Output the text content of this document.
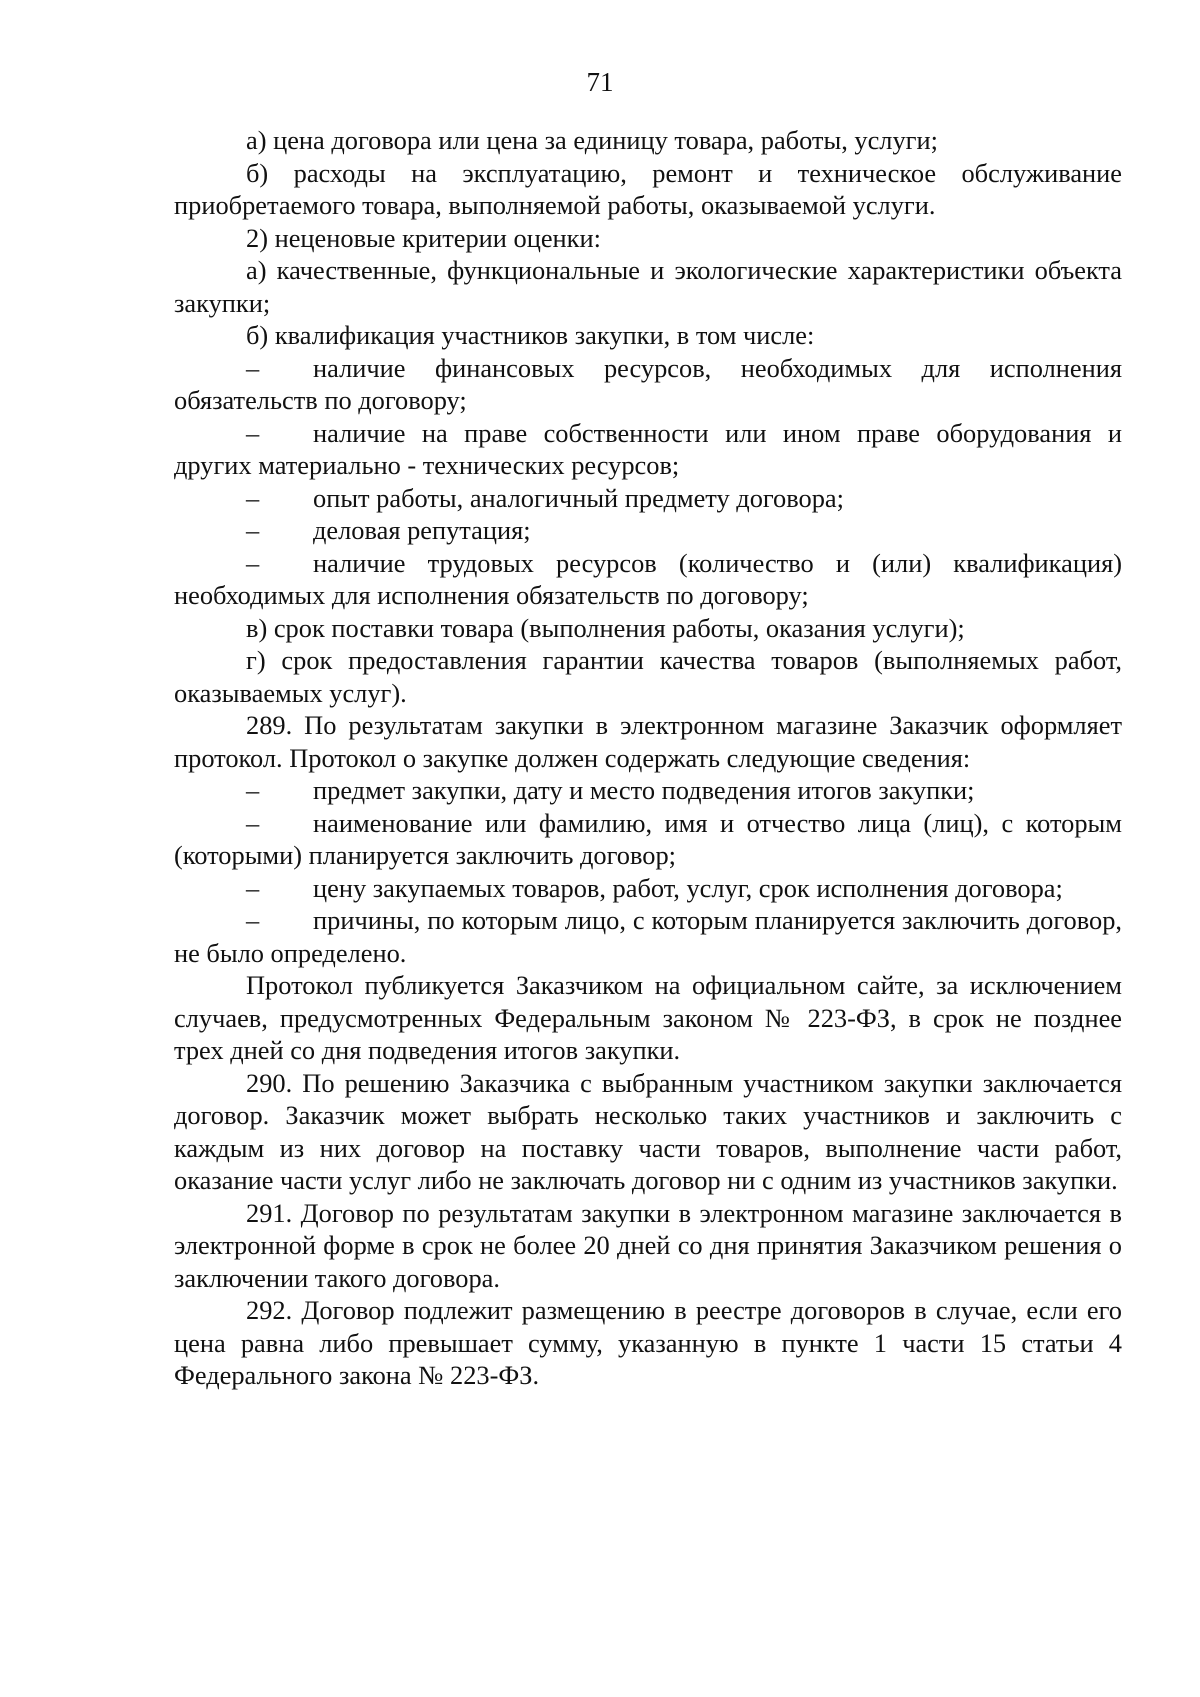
71

а) цена договора или цена за единицу товара, работы, услуги;

б) расходы на эксплуатацию, ремонт и техническое обслуживание приобретаемого товара, выполняемой работы, оказываемой услуги.

2) неценовые критерии оценки:

а) качественные, функциональные и экологические характеристики объекта закупки;

б) квалификация участников закупки, в том числе:

– наличие финансовых ресурсов, необходимых для исполнения обязательств по договору;

– наличие на праве собственности или ином праве оборудования и других материально - технических ресурсов;

– опыт работы, аналогичный предмету договора;

– деловая репутация;

– наличие трудовых ресурсов (количество и (или) квалификация) необходимых для исполнения обязательств по договору;

в) срок поставки товара (выполнения работы, оказания услуги);

г) срок предоставления гарантии качества товаров (выполняемых работ, оказываемых услуг).

289. По результатам закупки в электронном магазине Заказчик оформляет протокол. Протокол о закупке должен содержать следующие сведения:

– предмет закупки, дату и место подведения итогов закупки;

– наименование или фамилию, имя и отчество лица (лиц), с которым (которыми) планируется заключить договор;

– цену закупаемых товаров, работ, услуг, срок исполнения договора;

– причины, по которым лицо, с которым планируется заключить договор, не было определено.

Протокол публикуется Заказчиком на официальном сайте, за исключением случаев, предусмотренных Федеральным законом № 223-ФЗ, в срок не позднее трех дней со дня подведения итогов закупки.

290. По решению Заказчика с выбранным участником закупки заключается договор. Заказчик может выбрать несколько таких участников и заключить с каждым из них договор на поставку части товаров, выполнение части работ, оказание части услуг либо не заключать договор ни с одним из участников закупки.

291. Договор по результатам закупки в электронном магазине заключается в электронной форме в срок не более 20 дней со дня принятия Заказчиком решения о заключении такого договора.

292. Договор подлежит размещению в реестре договоров в случае, если его цена равна либо превышает сумму, указанную в пункте 1 части 15 статьи 4 Федерального закона № 223-ФЗ.
